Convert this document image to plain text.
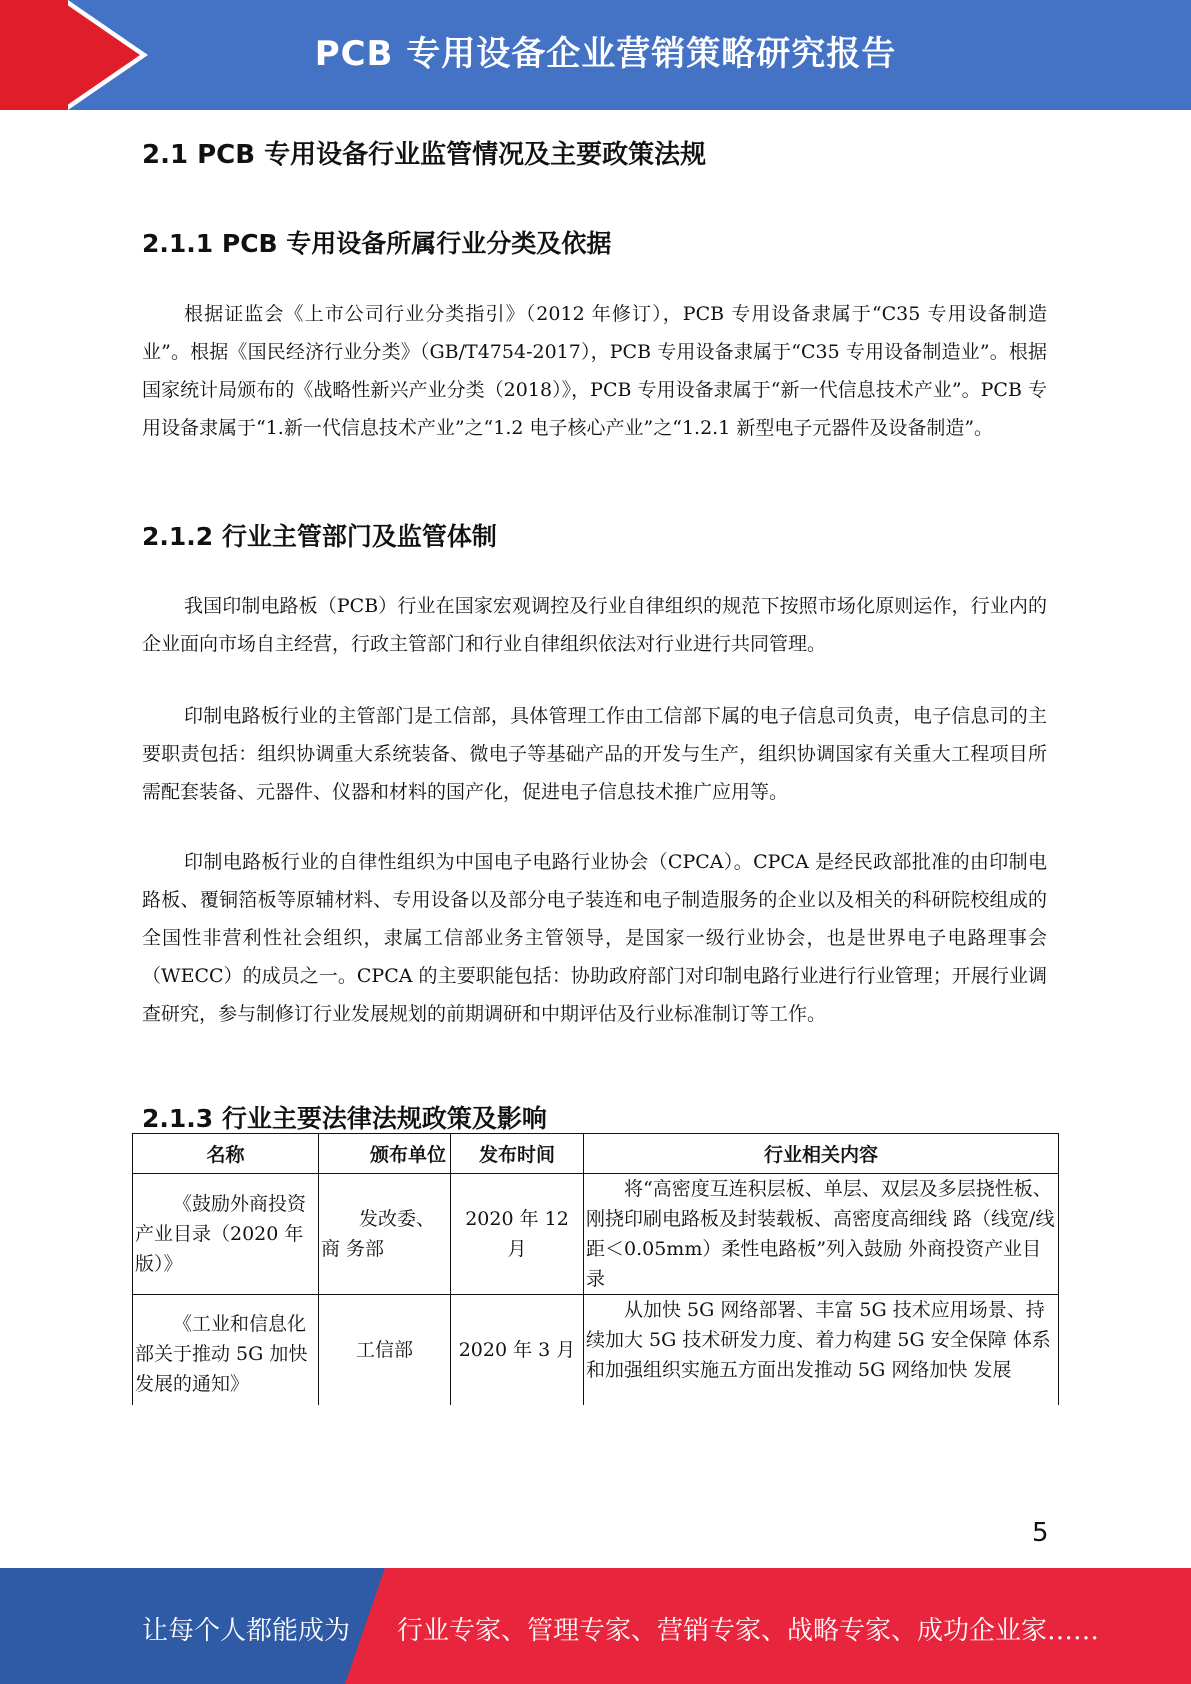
PCB 专用设备企业营销策略研究报告
2.1 PCB 专用设备行业监管情况及主要政策法规
2.1.1 PCB 专用设备所属行业分类及依据

根据证监会《上市公司行业分类指引》（2012 年修订），PCB 专用设备隶属于“C35 专用设备制造业”。根据《国民经济行业分类》（GB/T4754-2017），PCB 专用设备隶属于“C35 专用设备制造业”。根据国家统计局颁布的《战略性新兴产业分类（2018）》，PCB 专用设备隶属于“新一代信息技术产业”。PCB 专用设备隶属于“1.新一代信息技术产业”之“1.2 电子核心产业”之“1.2.1 新型电子元器件及设备制造”。

2.1.2 行业主管部门及监管体制

我国印制电路板（PCB）行业在国家宏观调控及行业自律组织的规范下按照市场化原则运作，行业内的企业面向市场自主经营，行政主管部门和行业自律组织依法对行业进行共同管理。

印制电路板行业的主管部门是工信部，具体管理工作由工信部下属的电子信息司负责，电子信息司的主要职责包括：组织协调重大系统装备、微电子等基础产品的开发与生产，组织协调国家有关重大工程项目所需配套装备、元器件、仪器和材料的国产化，促进电子信息技术推广应用等。

印制电路板行业的自律性组织为中国电子电路行业协会（CPCA）。CPCA 是经民政部批准的由印制电路板、覆铜箔板等原辅材料、专用设备以及部分电子装连和电子制造服务的企业以及相关的科研院校组成的全国性非营利性社会组织，隶属工信部业务主管领导，是国家一级行业协会，也是世界电子电路理事会（WECC）的成员之一。CPCA 的主要职能包括：协助政府部门对印制电路行业进行行业管理；开展行业调查研究，参与制修订行业发展规划的前期调研和中期评估及行业标准制订等工作。

2.1.3 行业主要法律法规政策及影响
名称	颁布单位	发布时间	行业相关内容
《鼓励外商投资产业目录（2020 年版）》	发改委、商 务部	2020 年 12 月	将“高密度互连积层板、单层、双层及多层挠性板、刚挠印刷电路板及封装载板、高密度高细线 路（线宽/线距＜0.05mm）柔性电路板”列入鼓励 外商投资产业目录
《工业和信息化部关于推动 5G 加快发展的通知》	工信部	2020 年 3 月	从加快 5G 网络部署、丰富 5G 技术应用场景、持续加大 5G 技术研发力度、着力构建 5G 安全保障 体系和加强组织实施五方面出发推动 5G 网络加快 发展
5
让每个人都能成为 行业专家、管理专家、营销专家、战略专家、成功企业家……
